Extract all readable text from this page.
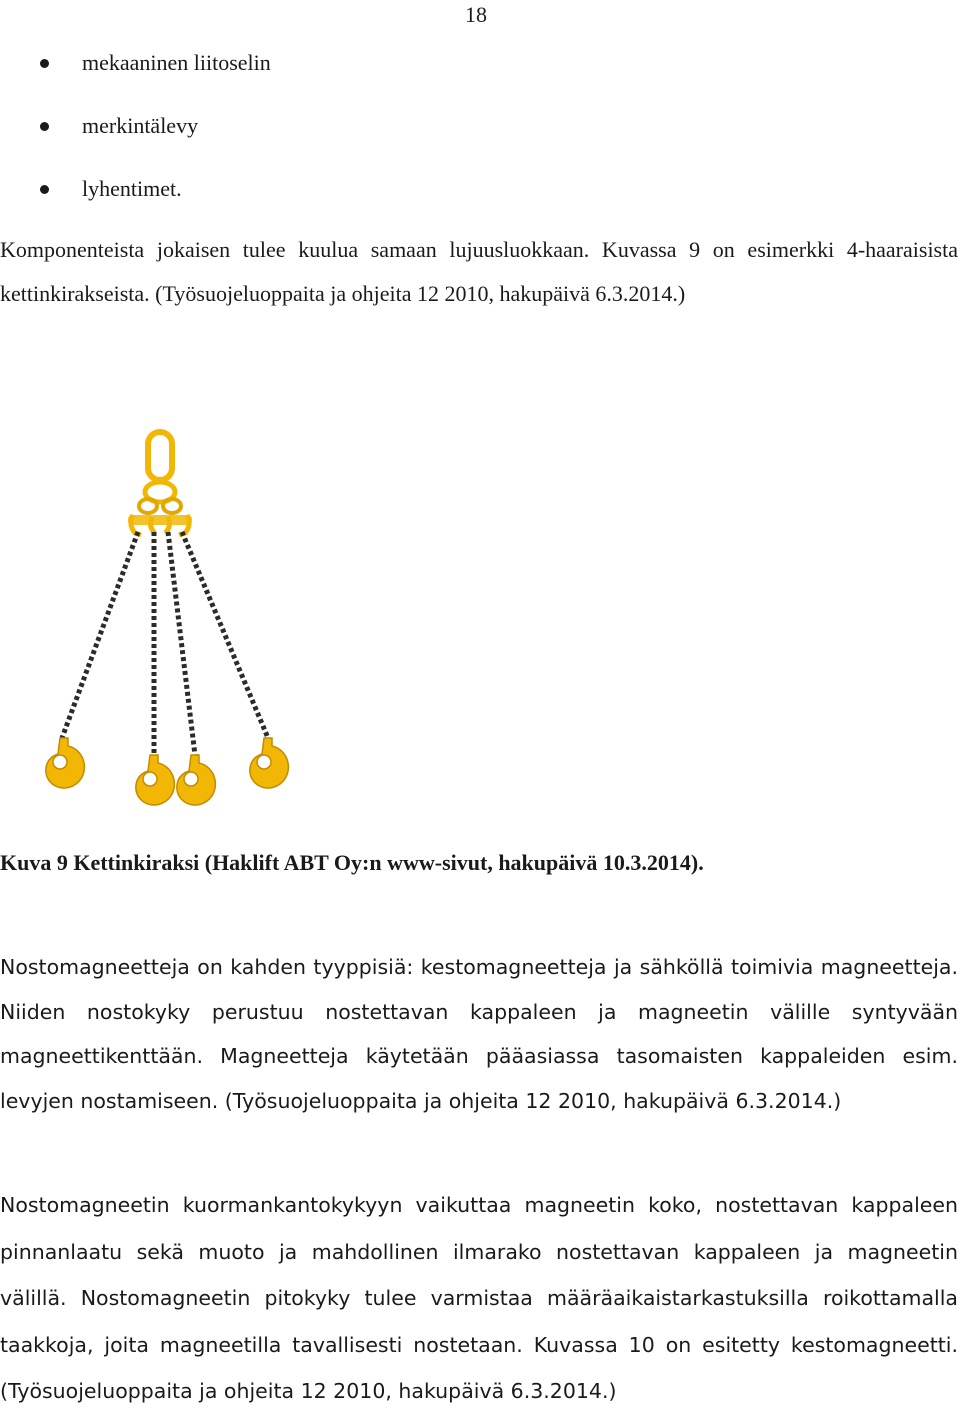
18
mekaaninen liitoselin
merkintälevy
lyhentimet.

Komponenteista jokaisen tulee kuulua samaan lujuusluokkaan. Kuvassa 9 on esimerkki 4-haaraisista kettinkirakseista. (Työsuojeluoppaita ja ohjeita 12 2010, hakupäivä 6.3.2014.)

Kuva 9 Kettinkiraksi (Haklift ABT Oy:n www-sivut, hakupäivä 10.3.2014).

Nostomagneetteja on kahden tyyppisiä: kestomagneetteja ja sähköllä toimivia magneetteja. Niiden nostokyky perustuu nostettavan kappaleen ja magneetin välille syntyvään magneettikenttään. Magneetteja käytetään pääasiassa tasomaisten kappaleiden esim. levyjen nostamiseen. (Työsuojeluoppaita ja ohjeita 12 2010, hakupäivä 6.3.2014.)

Nostomagneetin kuormankantokykyyn vaikuttaa magneetin koko, nostettavan kappaleen pinnanlaatu sekä muoto ja mahdollinen ilmarako nostettavan kappaleen ja magneetin välillä. Nostomagneetin pitokyky tulee varmistaa määräaikaistarkastuksilla roikottamalla taakkoja, joita magneetilla tavallisesti nostetaan. Kuvassa 10 on esitetty kestomagneetti. (Työsuojeluoppaita ja ohjeita 12 2010, hakupäivä 6.3.2014.)
